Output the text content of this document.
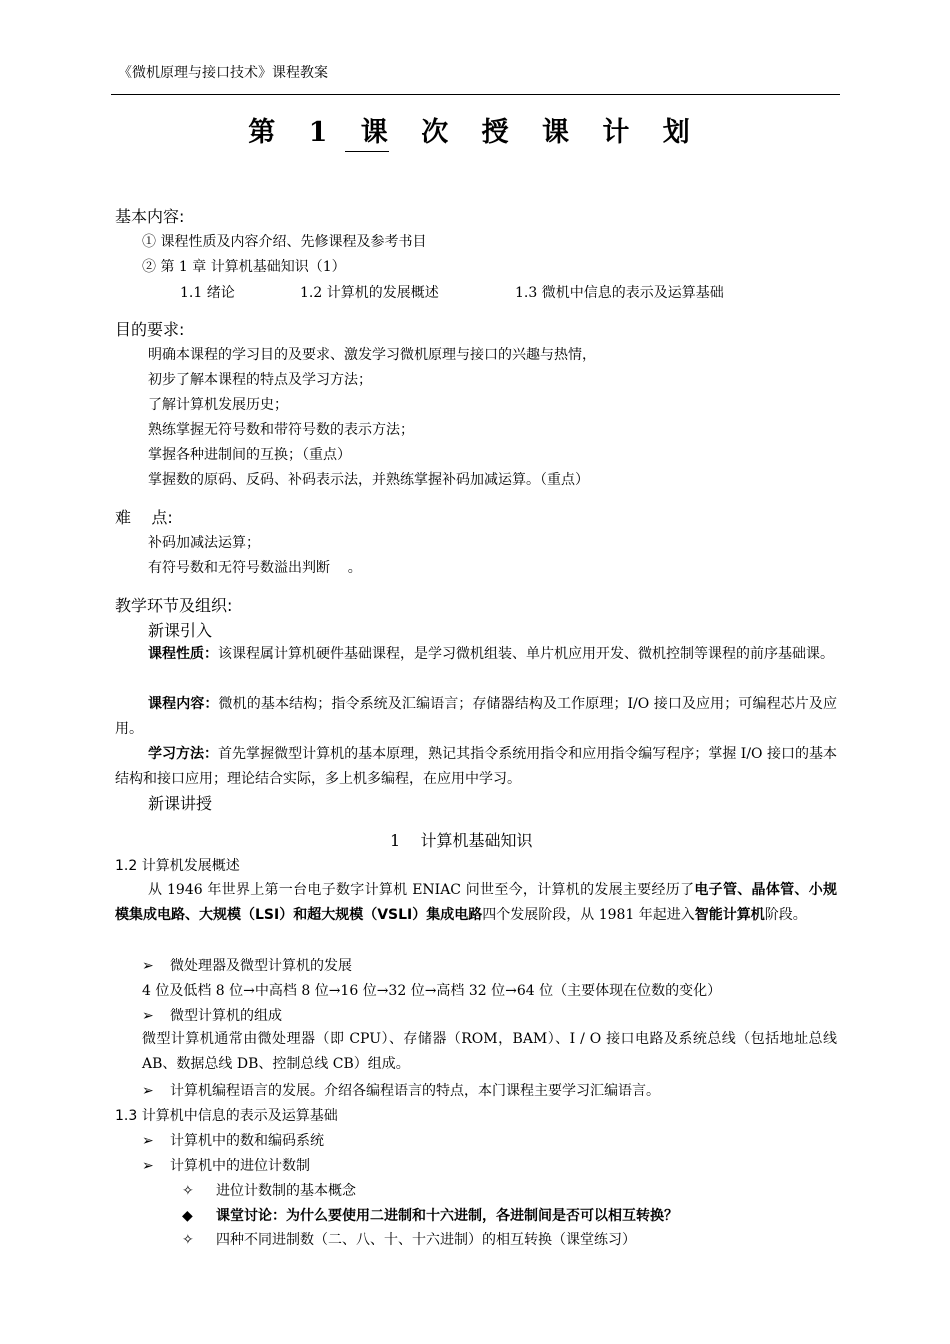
《微机原理与接口技术》课程教案
第 1 课 次 授 课 计 划
基本内容:
① 课程性质及内容介绍、先修课程及参考书目
② 第 1 章 计算机基础知识（1）
1.1 绪论	1.2 计算机的发展概述	1.3 微机中信息的表示及运算基础
目的要求:
明确本课程的学习目的及要求、激发学习微机原理与接口的兴趣与热情，
初步了解本课程的特点及学习方法；
了解计算机发展历史；
熟练掌握无符号数和带符号数的表示方法；
掌握各种进制间的互换；（重点）
掌握数的原码、反码、补码表示法，并熟练掌握补码加减运算。（重点）
难    点:
补码加减法运算；
有符号数和无符号数溢出判断    。
教学环节及组织:
新课引入
课程性质：该课程属计算机硬件基础课程，是学习微机组装、单片机应用开发、微机控制等课程的前序基础课。
课程内容：微机的基本结构；指令系统及汇编语言；存储器结构及工作原理；I/O 接口及应用；可编程芯片及应用。
学习方法：首先掌握微型计算机的基本原理，熟记其指令系统用指令和应用指令编写程序；掌握 I/O 接口的基本结构和接口应用；理论结合实际，多上机多编程，在应用中学习。
新课讲授
1    计算机基础知识
1.2 计算机发展概述
从 1946 年世界上第一台电子数字计算机 ENIAC 问世至今，计算机的发展主要经历了电子管、晶体管、小规模集成电路、大规模（LSI）和超大规模（VSLI）集成电路四个发展阶段，从 1981 年起进入智能计算机阶段。
➢ 微处理器及微型计算机的发展
4 位及低档 8 位→中高档 8 位→16 位→32 位→高档 32 位→64 位（主要体现在位数的变化）
➢ 微型计算机的组成
微型计算机通常由微处理器（即 CPU）、存储器（ROM，BAM）、I / O 接口电路及系统总线（包括地址总线 AB、数据总线 DB、控制总线 CB）组成。
➢ 计算机编程语言的发展。介绍各编程语言的特点，本门课程主要学习汇编语言。
1.3 计算机中信息的表示及运算基础
➢ 计算机中的数和编码系统
➢ 计算机中的进位计数制
✧ 进位计数制的基本概念
◆ 课堂讨论：为什么要使用二进制和十六进制，各进制间是否可以相互转换？
✧ 四种不同进制数（二、八、十、十六进制）的相互转换（课堂练习）
